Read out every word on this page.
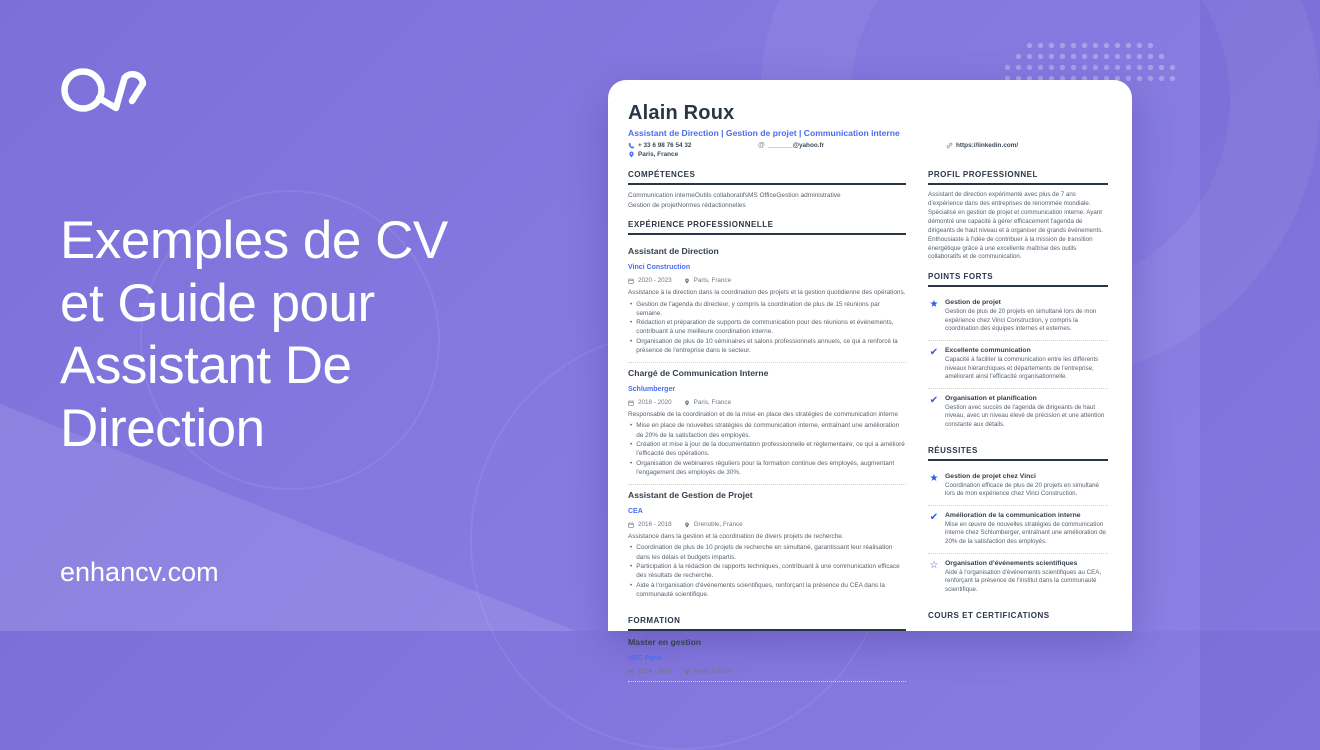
Exemples de CV
et Guide pour
Assistant De
Direction
enhancv.com
Alain Roux
Assistant de Direction | Gestion de projet | Communication interne
+ 33 6 98 76 54 32	@ _______@yahoo.fr	https://linkedin.com/
Paris, France
COMPÉTENCES
Communication interneOutils collaboratifsMS OfficeGestion administrative
Gestion de projetNormes rédactionnelles
EXPÉRIENCE PROFESSIONNELLE
Assistant de Direction
Vinci Construction
2020 - 2023	Paris, France

Assistance à la direction dans la coordination des projets et la gestion quotidienne des opérations.

• Gestion de l'agenda du directeur, y compris la coordination de plus de 15 réunions par semaine.
• Rédaction et préparation de supports de communication pour des réunions et événements, contribuant à une meilleure coordination interne.
• Organisation de plus de 10 séminaires et salons professionnels annuels, ce qui a renforcé la présence de l'entreprise dans le secteur.
Chargé de Communication Interne
Schlumberger
2018 - 2020	Paris, France

Responsable de la coordination et de la mise en place des stratégies de communication interne

• Mise en place de nouvelles stratégies de communication interne, entraînant une amélioration de 20% de la satisfaction des employés.
• Création et mise à jour de la documentation professionnelle et réglementaire, ce qui a amélioré l'efficacité des opérations.
• Organisation de webinaires réguliers pour la formation continue des employés, augmentant l'engagement des employés de 30%.
Assistant de Gestion de Projet
CEA
2016 - 2018	Grenoble, France

Assistance dans la gestion et la coordination de divers projets de recherche.

• Coordination de plus de 10 projets de recherche en simultané, garantissant leur réalisation dans les délais et budgets impartis.
• Participation à la rédaction de rapports techniques, contribuant à une communication efficace des résultats de recherche.
• Aide à l'organisation d'événements scientifiques, renforçant la présence du CEA dans la communauté scientifique.
FORMATION
Master en gestion
HEC Paris
2014 - 2016	Paris, France
PROFIL PROFESSIONNEL

Assistant de direction expérimenté avec plus de 7 ans d'expérience dans des entreprises de renommée mondiale. Spécialisé en gestion de projet et communication interne. Ayant démontré une capacité à gérer efficacement l'agenda de dirigeants de haut niveau et à organiser de grands événements. Enthousiaste à l'idée de contribuer à la mission de transition énergétique grâce à une excellente maîtrise des outils collaboratifs et de communication.

POINTS FORTS
★ Gestion de projet
Gestion de plus de 20 projets en simultané lors de mon expérience chez Vinci Construction, y compris la coordination des équipes internes et externes.
✔ Excellente communication
Capacité à faciliter la communication entre les différents niveaux hiérarchiques et départements de l'entreprise, améliorant ainsi l'efficacité organisationnelle.
✔ Organisation et planification
Gestion avec succès de l'agenda de dirigeants de haut niveau, avec un niveau élevé de précision et une attention constante aux détails.
RÉUSSITES
★ Gestion de projet chez Vinci
Coordination efficace de plus de 20 projets en simultané lors de mon expérience chez Vinci Construction.
✔ Amélioration de la communication interne
Mise en œuvre de nouvelles stratégies de communication interne chez Schlumberger, entraînant une amélioration de 20% de la satisfaction des employés.
☆ Organisation d'événements scientifiques
Aide à l'organisation d'événements scientifiques au CEA, renforçant la présence de l'institut dans la communauté scientifique.
COURS ET CERTIFICATIONS
